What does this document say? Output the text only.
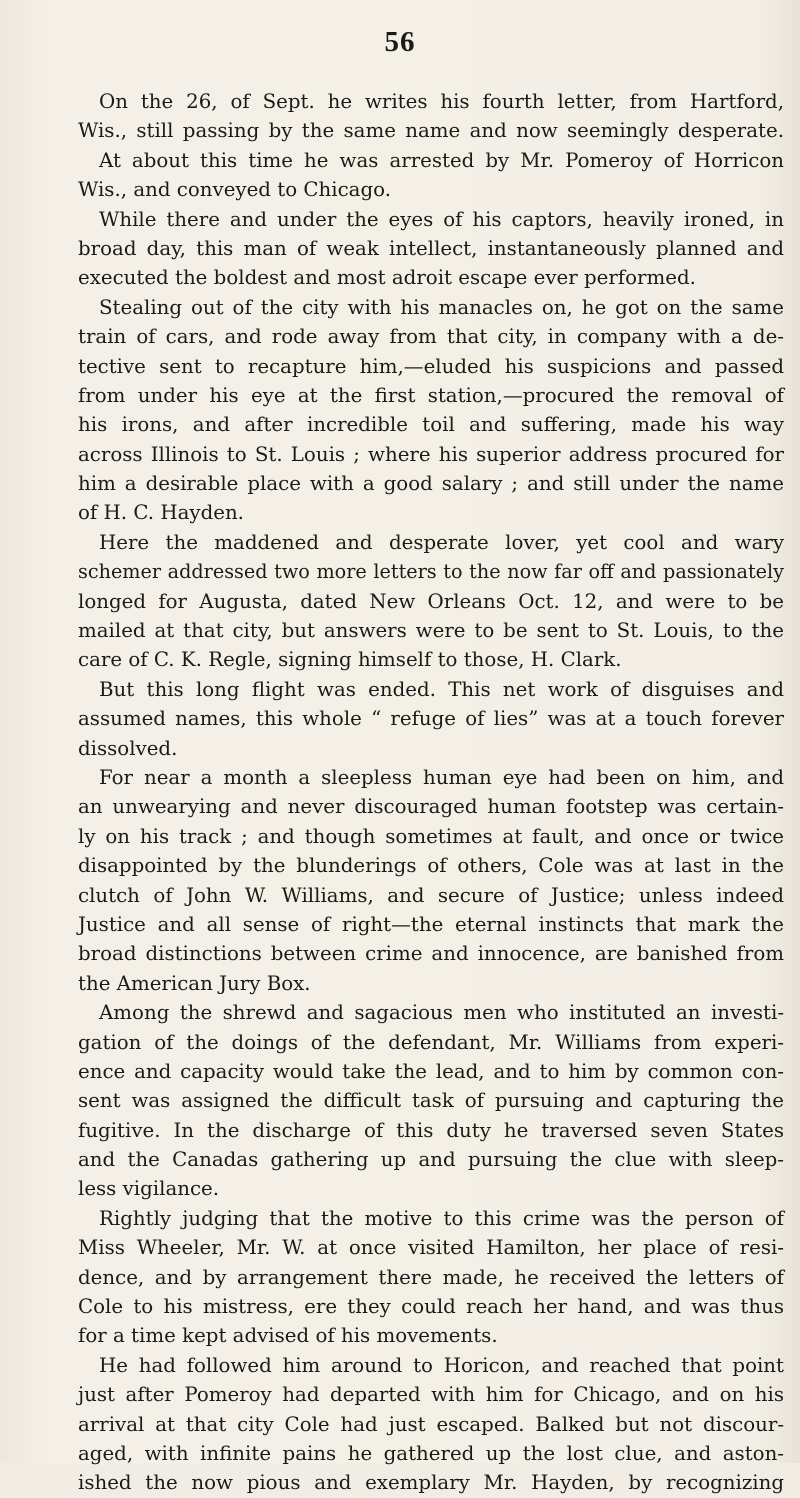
56
On the 26, of Sept. he writes his fourth letter, from Hartford,
Wis., still passing by the same name and now seemingly desperate.
At about this time he was arrested by Mr. Pomeroy of Horricon
Wis., and conveyed to Chicago.
While there and under the eyes of his captors, heavily ironed, in
broad day, this man of weak intellect, instantaneously planned and
executed the boldest and most adroit escape ever performed.
Stealing out of the city with his manacles on, he got on the same
train of cars, and rode away from that city, in company with a de-
tective sent to recapture him,—eluded his suspicions and passed
from under his eye at the first station,—procured the removal of
his irons, and after incredible toil and suffering, made his way
across Illinois to St. Louis ; where his superior address procured for
him a desirable place with a good salary ; and still under the name
of H. C. Hayden.
Here the maddened and desperate lover, yet cool and wary
schemer addressed two more letters to the now far off and passionately
longed for Augusta, dated New Orleans Oct. 12, and were to be
mailed at that city, but answers were to be sent to St. Louis, to the
care of C. K. Regle, signing himself to those, H. Clark.
But this long flight was ended. This net work of disguises and
assumed names, this whole “ refuge of lies” was at a touch forever
dissolved.
For near a month a sleepless human eye had been on him, and
an unwearying and never discouraged human footstep was certain-
ly on his track ; and though sometimes at fault, and once or twice
disappointed by the blunderings of others, Cole was at last in the
clutch of John W. Williams, and secure of Justice; unless indeed
Justice and all sense of right—the eternal instincts that mark the
broad distinctions between crime and innocence, are banished from
the American Jury Box.
Among the shrewd and sagacious men who instituted an investi-
gation of the doings of the defendant, Mr. Williams from experi-
ence and capacity would take the lead, and to him by common con-
sent was assigned the difficult task of pursuing and capturing the
fugitive. In the discharge of this duty he traversed seven States
and the Canadas gathering up and pursuing the clue with sleep-
less vigilance.
Rightly judging that the motive to this crime was the person of
Miss Wheeler, Mr. W. at once visited Hamilton, her place of resi-
dence, and by arrangement there made, he received the letters of
Cole to his mistress, ere they could reach her hand, and was thus
for a time kept advised of his movements.
He had followed him around to Horicon, and reached that point
just after Pomeroy had departed with him for Chicago, and on his
arrival at that city Cole had just escaped. Balked but not discour-
aged, with infinite pains he gathered up the lost clue, and aston-
ished the now pious and exemplary Mr. Hayden, by recognizing
